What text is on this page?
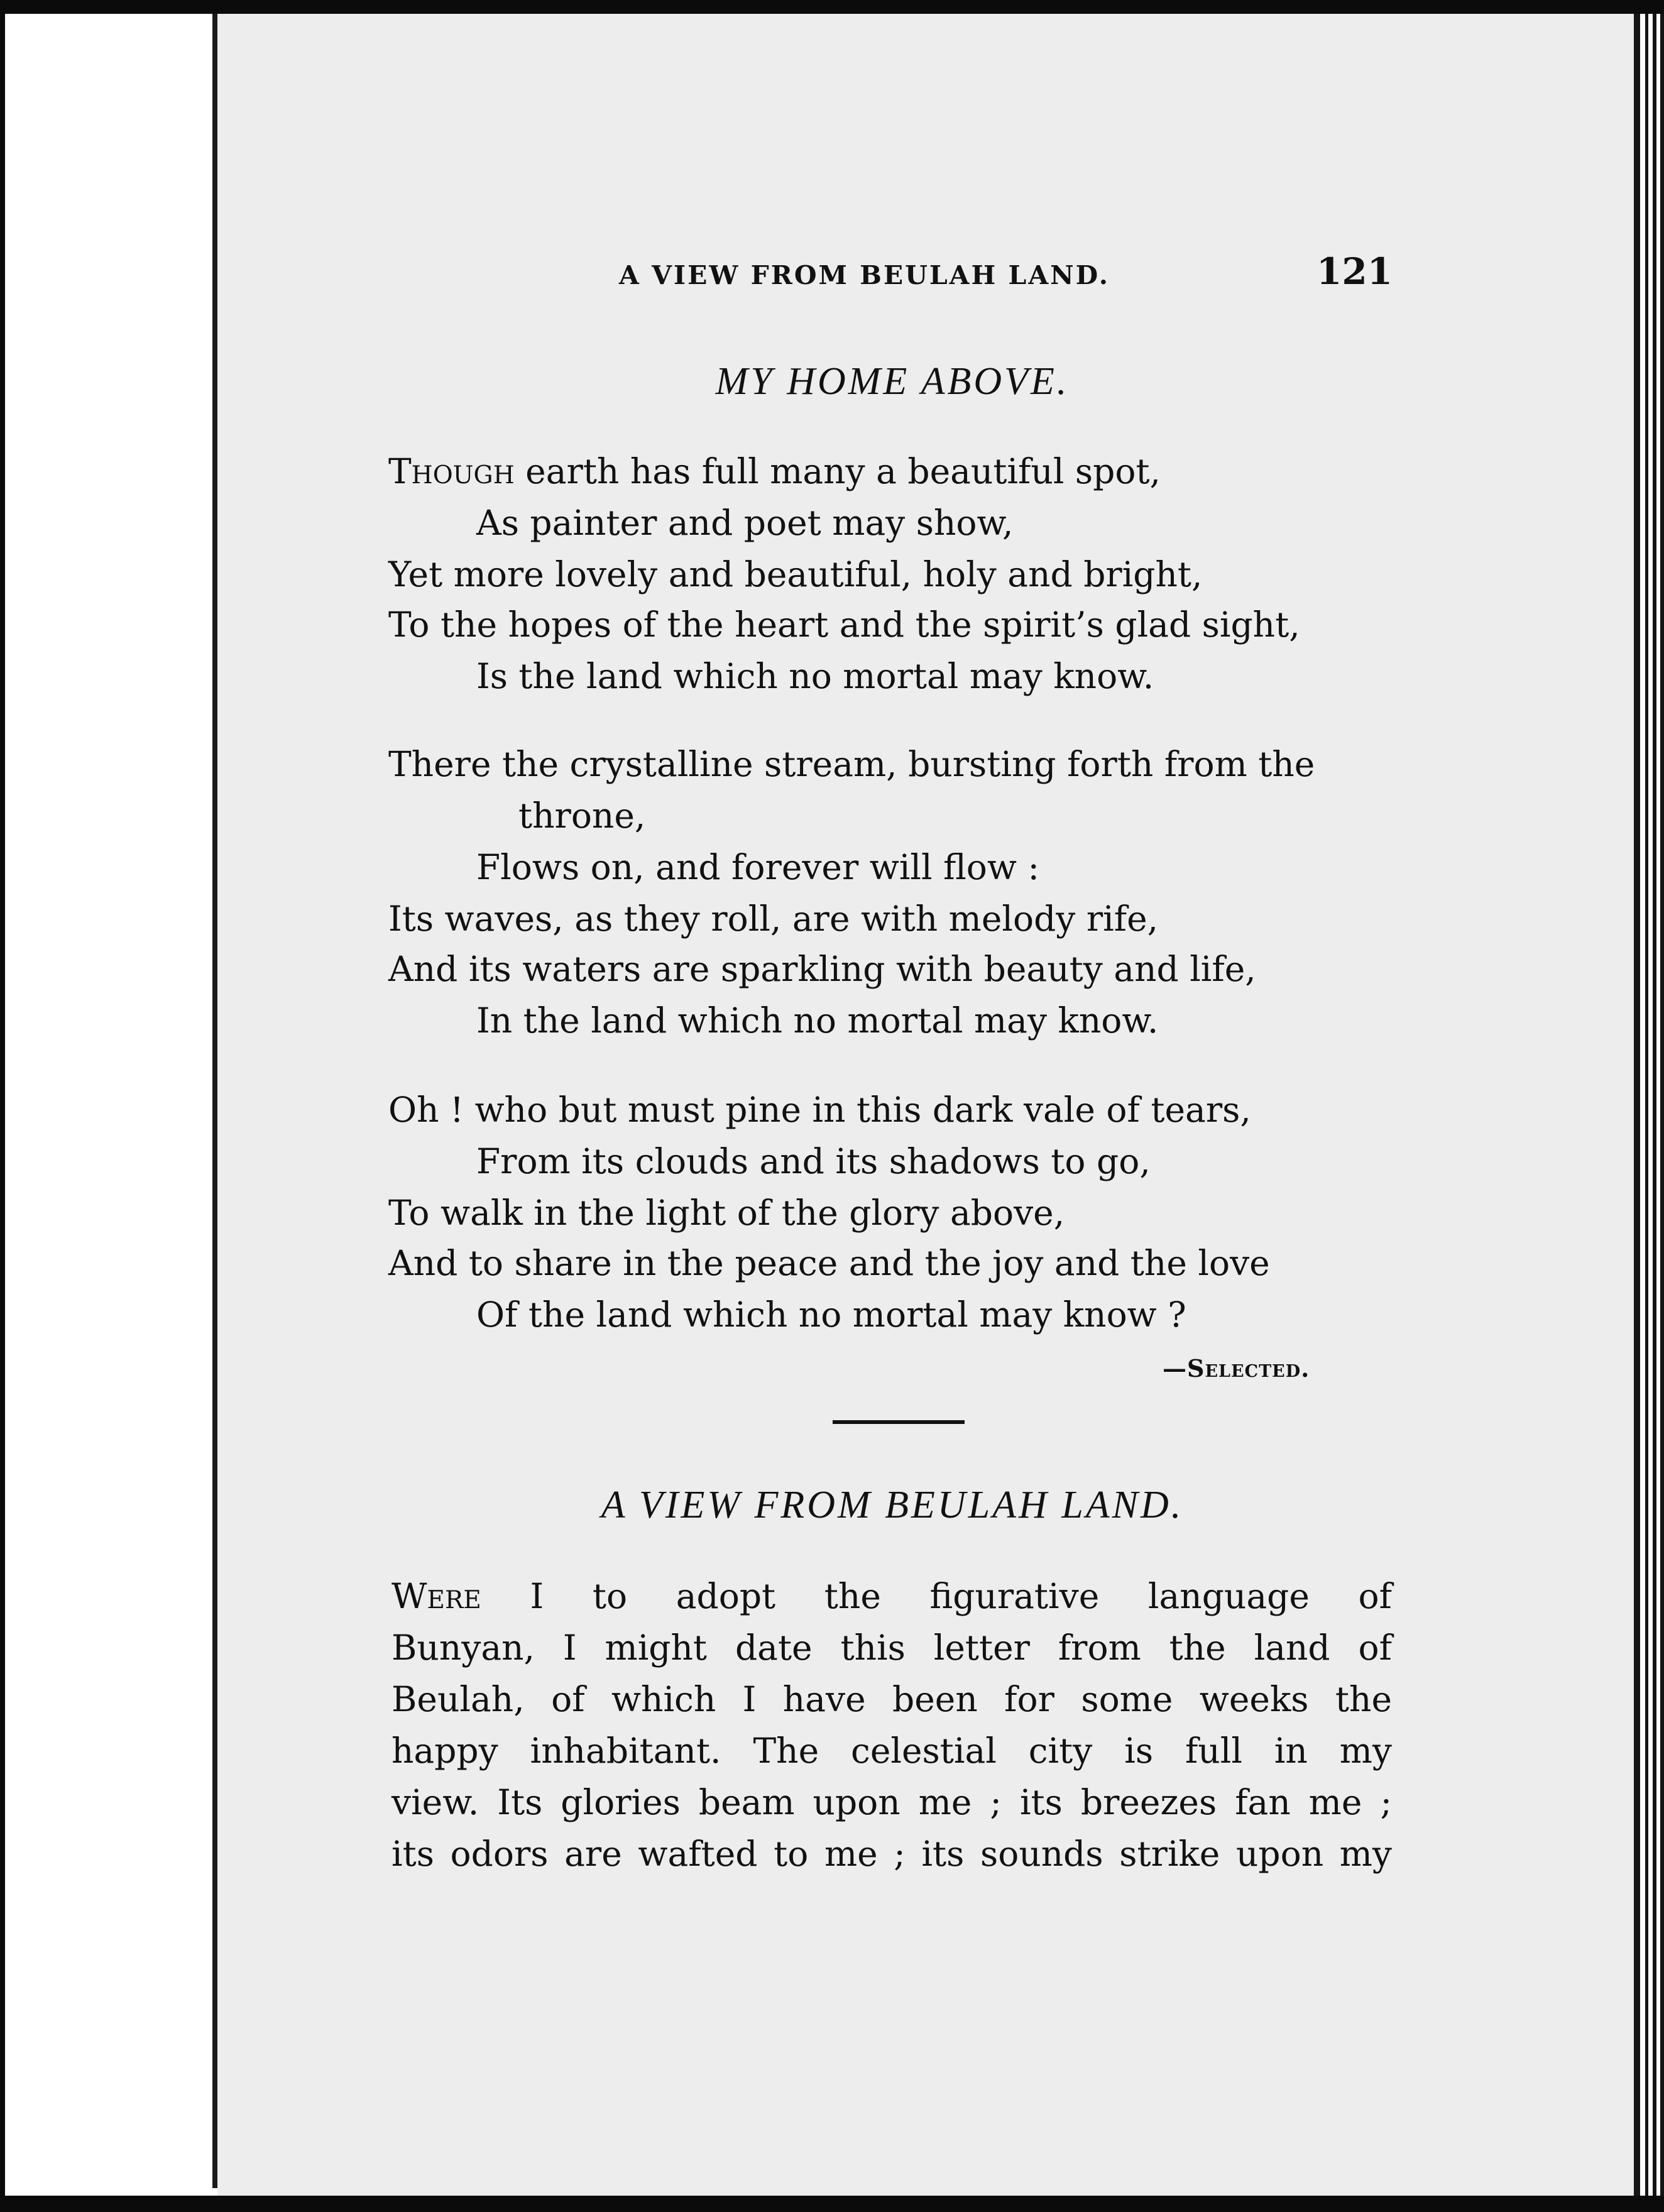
A VIEW FROM BEULAH LAND.	121
MY HOME ABOVE.
Though earth has full many a beautiful spot,
As painter and poet may show,
Yet more lovely and beautiful, holy and bright,
To the hopes of the heart and the spirit’s glad sight,
Is the land which no mortal may know.
There the crystalline stream, bursting forth from the
throne,
Flows on, and forever will flow :
Its waves, as they roll, are with melody rife,
And its waters are sparkling with beauty and life,
In the land which no mortal may know.
Oh ! who but must pine in this dark vale of tears,
From its clouds and its shadows to go,
To walk in the light of the glory above,
And to share in the peace and the joy and the love
Of the land which no mortal may know ?
—Selected.
A VIEW FROM BEULAH LAND.
Were I to adopt the figurative language of
Bunyan, I might date this letter from the land of
Beulah, of which I have been for some weeks the
happy inhabitant. The celestial city is full in my
view. Its glories beam upon me ; its breezes fan me ;
its odors are wafted to me ; its sounds strike upon my
